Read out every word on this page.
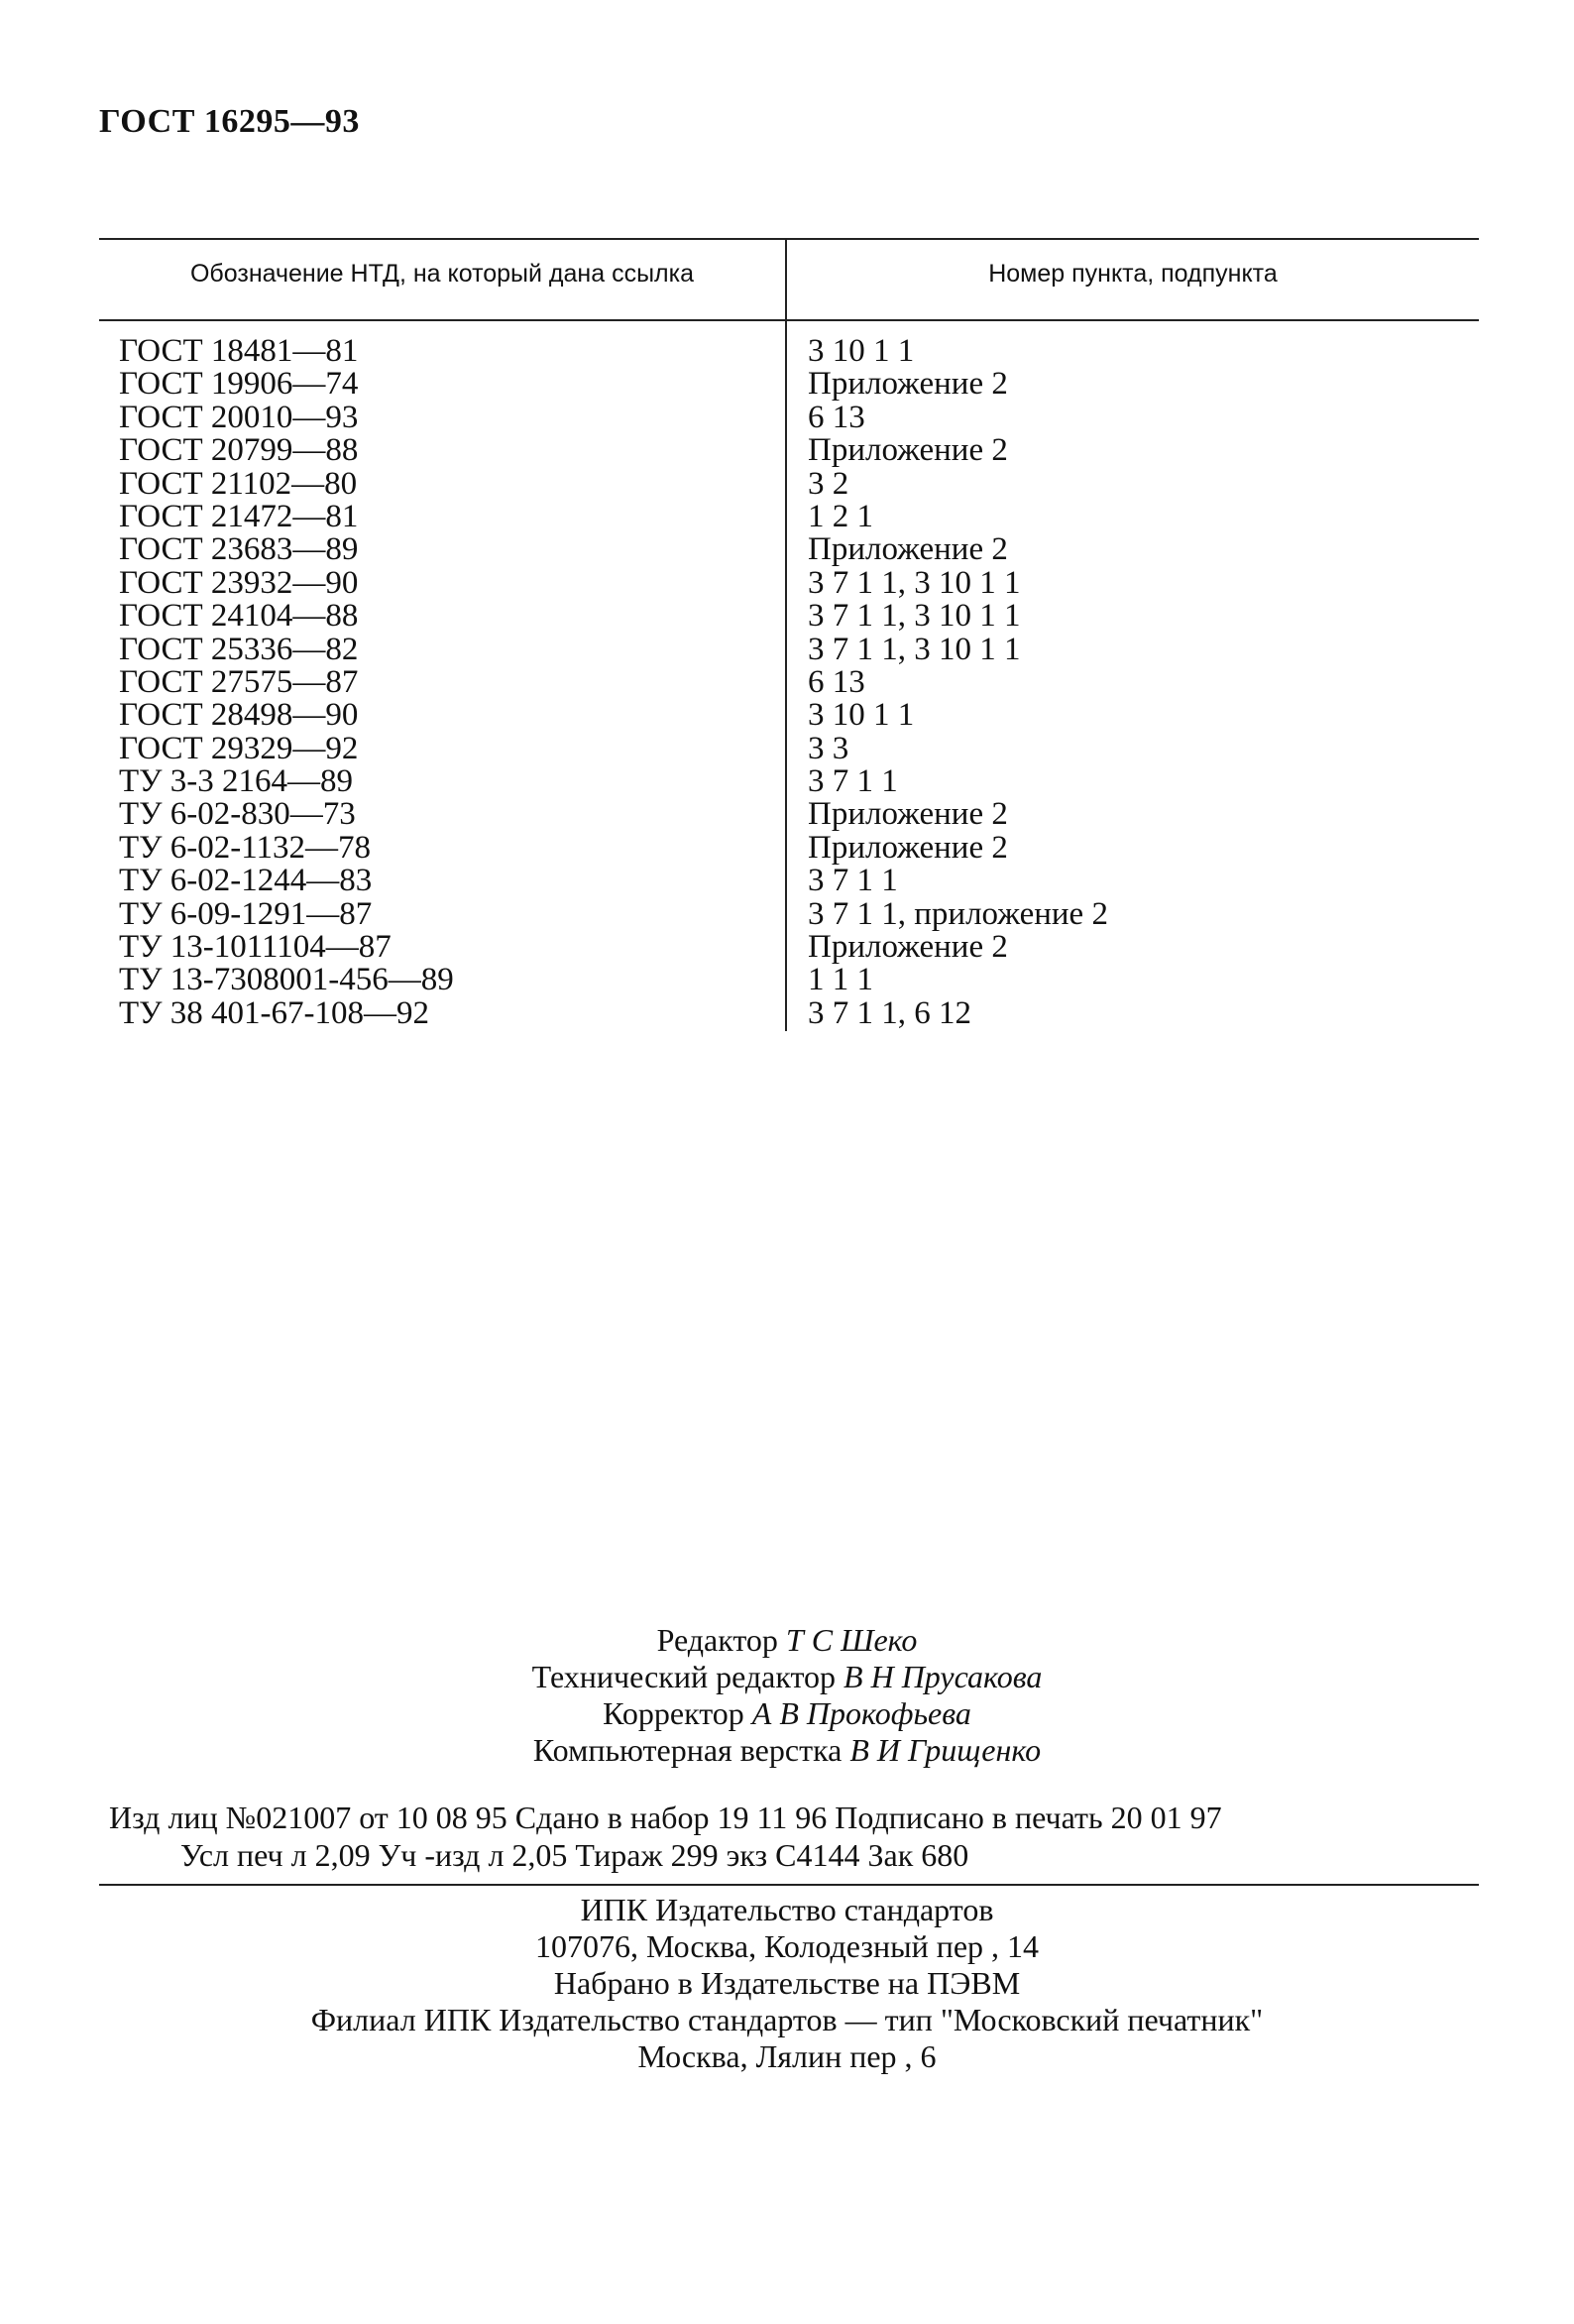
ГОСТ 16295—93
Обозначение НТД, на который дана ссылка	Номер пункта, подпункта
ГОСТ 18481—81	3 10 1 1
ГОСТ 19906—74	Приложение 2
ГОСТ 20010—93	6 13
ГОСТ 20799—88	Приложение 2
ГОСТ 21102—80	3 2
ГОСТ 21472—81	1 2 1
ГОСТ 23683—89	Приложение 2
ГОСТ 23932—90	3 7 1 1, 3 10 1 1
ГОСТ 24104—88	3 7 1 1, 3 10 1 1
ГОСТ 25336—82	3 7 1 1, 3 10 1 1
ГОСТ 27575—87	6 13
ГОСТ 28498—90	3 10 1 1
ГОСТ 29329—92	3 3
ТУ 3-3 2164—89	3 7 1 1
ТУ 6-02-830—73	Приложение 2
ТУ 6-02-1132—78	Приложение 2
ТУ 6-02-1244—83	3 7 1 1
ТУ 6-09-1291—87	3 7 1 1, приложение 2
ТУ 13-1011104—87	Приложение 2
ТУ 13-7308001-456—89	1 1 1
ТУ 38 401-67-108—92	3 7 1 1, 6 12
Редактор Т С Шеко
Технический редактор В Н Прусакова
Корректор А В Прокофьева
Компьютерная верстка В И Грищенко
Изд лиц №021007 от 10 08 95 Сдано в набор 19 11 96 Подписано в печать 20 01 97
Усл печ л 2,09 Уч -изд л 2,05 Тираж 299 экз С4144 Зак 680
ИПК Издательство стандартов
107076, Москва, Колодезный пер , 14
Набрано в Издательстве на ПЭВМ
Филиал ИПК Издательство стандартов — тип "Московский печатник"
Москва, Лялин пер , 6
